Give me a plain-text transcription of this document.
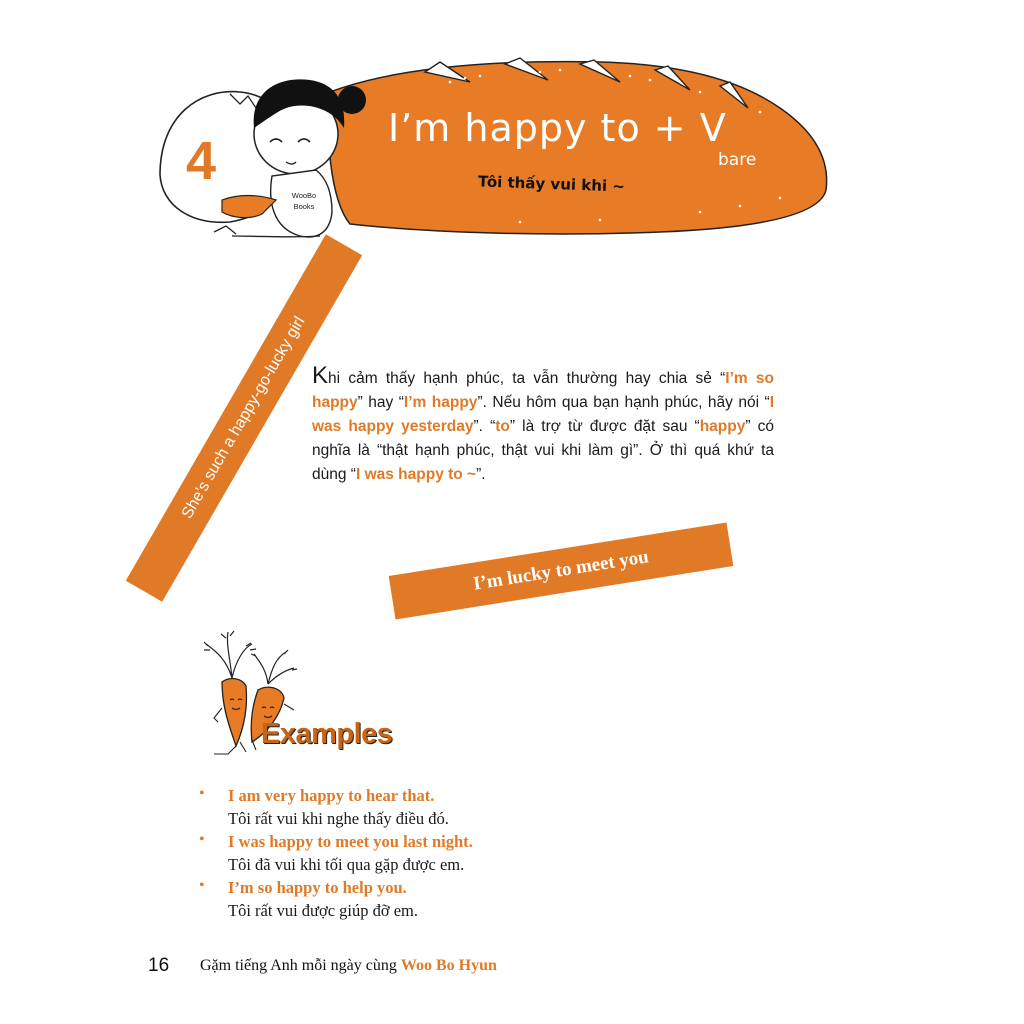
4
WooBo
Books
I’m happy to + V
bare
Tôi thấy vui khi ~
She’s such a happy-go-lucky girl
I’m lucky to meet you
Khi cảm thấy hạnh phúc, ta vẫn thường hay chia sẻ “I’m so happy” hay “I’m happy”. Nếu hôm qua bạn hạnh phúc, hãy nói “I was happy yesterday”. “to” là trợ từ được đặt sau “happy” có nghĩa là “thật hạnh phúc, thật vui khi làm gì”. Ở thì quá khứ ta dùng “I was happy to ~”.
Examples
• I am very happy to hear that.
Tôi rất vui khi nghe thấy điều đó.
• I was happy to meet you last night.
Tôi đã vui khi tối qua gặp được em.
• I’m so happy to help you.
Tôi rất vui được giúp đỡ em.
16 Gặm tiếng Anh mỗi ngày cùng Woo Bo Hyun
